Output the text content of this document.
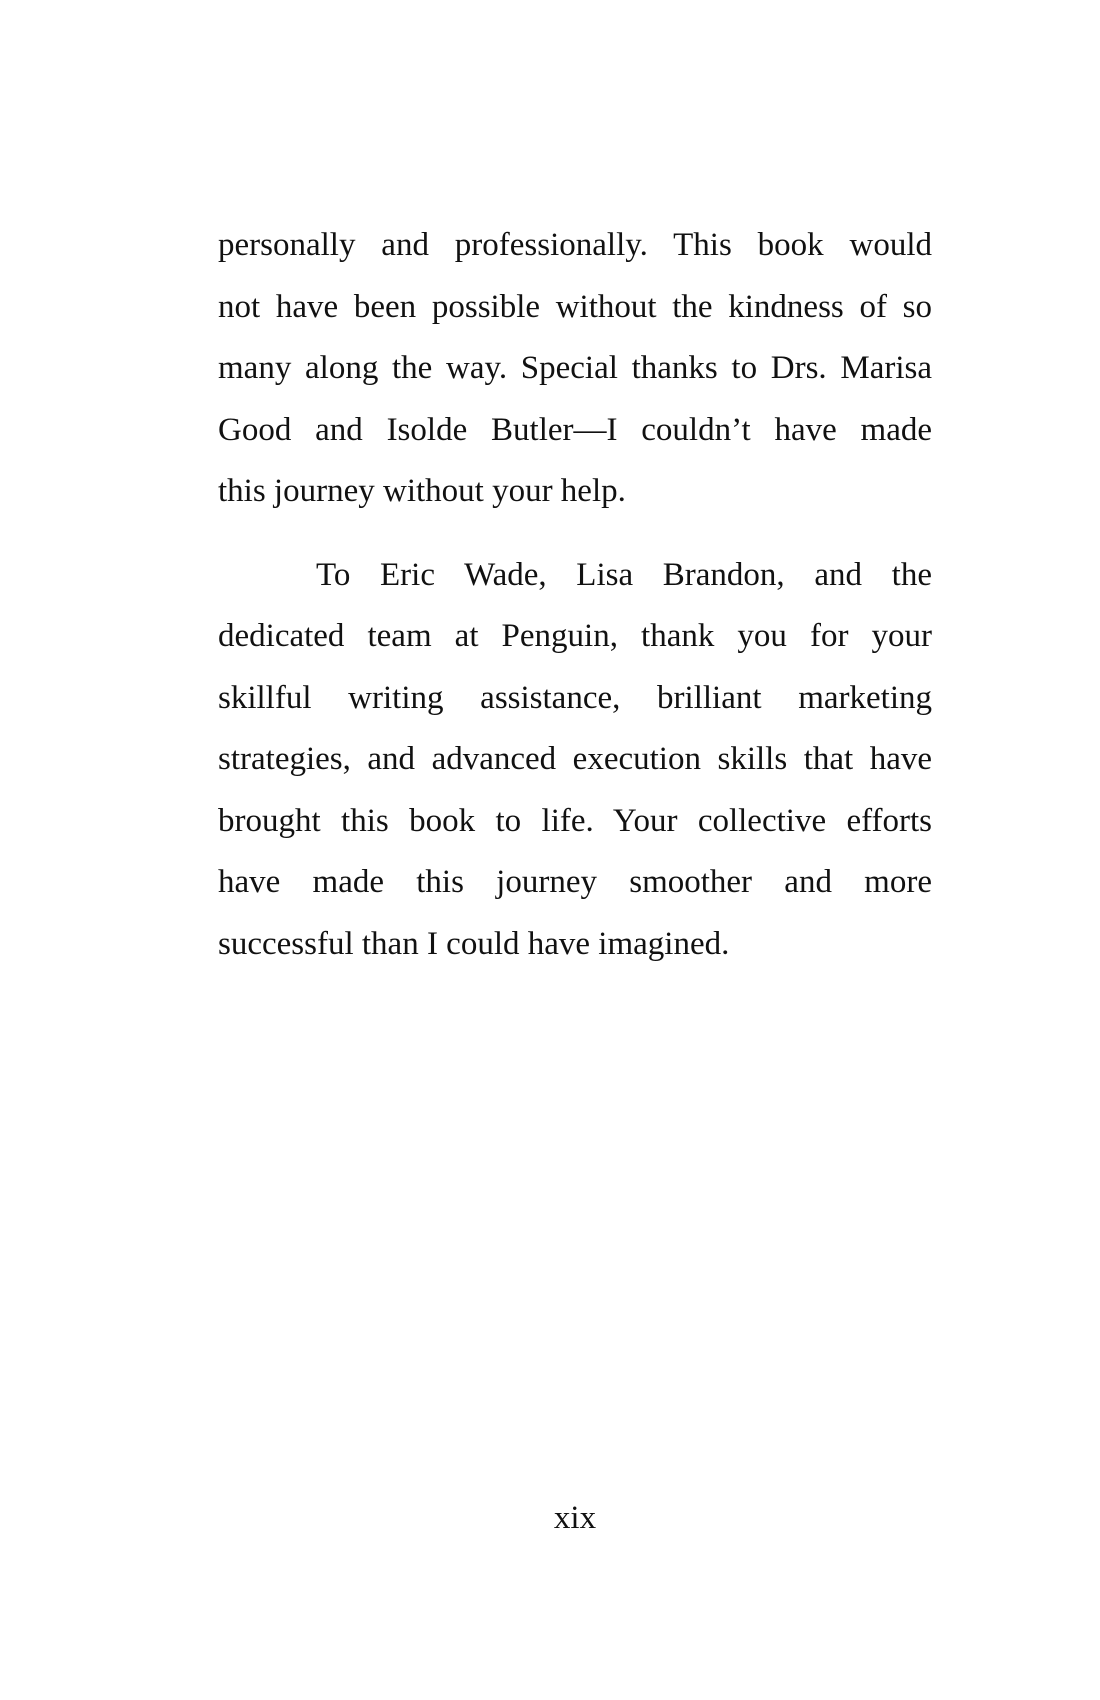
personally and professionally. This book would
not have been possible without the kindness of so
many along the way. Special thanks to Drs. Marisa
Good and Isolde Butler—I couldn’t have made
this journey without your help.
To Eric Wade, Lisa Brandon, and the
dedicated team at Penguin, thank you for your
skillful writing assistance, brilliant marketing
strategies, and advanced execution skills that have
brought this book to life. Your collective efforts
have made this journey smoother and more
successful than I could have imagined.
xix
